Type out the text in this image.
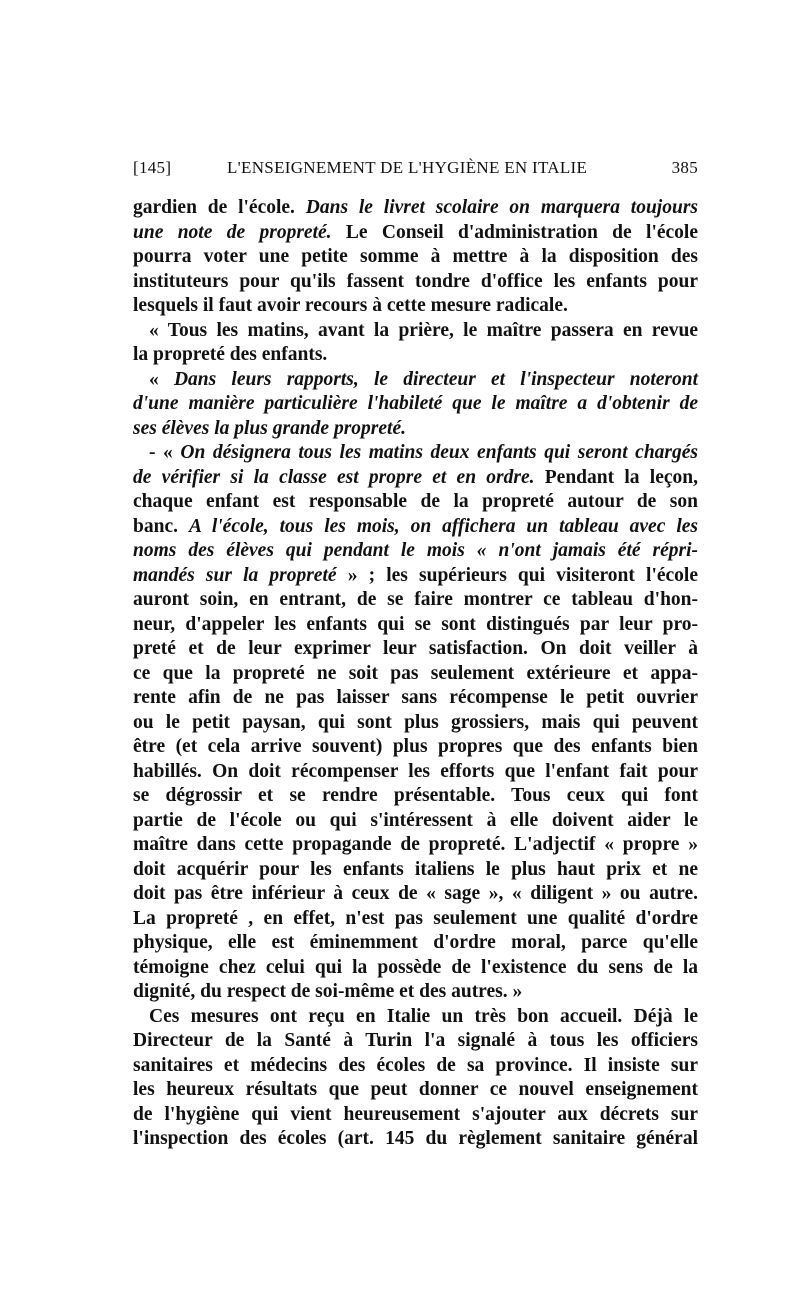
[145]	L'ENSEIGNEMENT DE L'HYGIÈNE EN ITALIE	385
gardien de l'école. Dans le livret scolaire on marquera toujours
une note de propreté. Le Conseil d'administration de l'école
pourra voter une petite somme à mettre à la disposition des
instituteurs pour qu'ils fassent tondre d'office les enfants pour
lesquels il faut avoir recours à cette mesure radicale.
« Tous les matins, avant la prière, le maître passera en revue
la propreté des enfants.
« Dans leurs rapports, le directeur et l'inspecteur noteront
d'une manière particulière l'habileté que le maître a d'obtenir de
ses élèves la plus grande propreté.
- « On désignera tous les matins deux enfants qui seront chargés
de vérifier si la classe est propre et en ordre. Pendant la leçon,
chaque enfant est responsable de la propreté autour de son
banc. A l'école, tous les mois, on affichera un tableau avec les
noms des élèves qui pendant le mois « n'ont jamais été répri-
mandés sur la propreté » ; les supérieurs qui visiteront l'école
auront soin, en entrant, de se faire montrer ce tableau d'hon-
neur, d'appeler les enfants qui se sont distingués par leur pro-
preté et de leur exprimer leur satisfaction. On doit veiller à
ce que la propreté ne soit pas seulement extérieure et appa-
rente afin de ne pas laisser sans récompense le petit ouvrier
ou le petit paysan, qui sont plus grossiers, mais qui peuvent
être (et cela arrive souvent) plus propres que des enfants bien
habillés. On doit récompenser les efforts que l'enfant fait pour
se dégrossir et se rendre présentable. Tous ceux qui font
partie de l'école ou qui s'intéressent à elle doivent aider le
maître dans cette propagande de propreté. L'adjectif « propre »
doit acquérir pour les enfants italiens le plus haut prix et ne
doit pas être inférieur à ceux de « sage », « diligent » ou autre.
La propreté , en effet, n'est pas seulement une qualité d'ordre
physique, elle est éminemment d'ordre moral, parce qu'elle
témoigne chez celui qui la possède de l'existence du sens de la
dignité, du respect de soi-même et des autres. »
Ces mesures ont reçu en Italie un très bon accueil. Déjà le
Directeur de la Santé à Turin l'a signalé à tous les officiers
sanitaires et médecins des écoles de sa province. Il insiste sur
les heureux résultats que peut donner ce nouvel enseignement
de l'hygiène qui vient heureusement s'ajouter aux décrets sur
l'inspection des écoles (art. 145 du règlement sanitaire général
